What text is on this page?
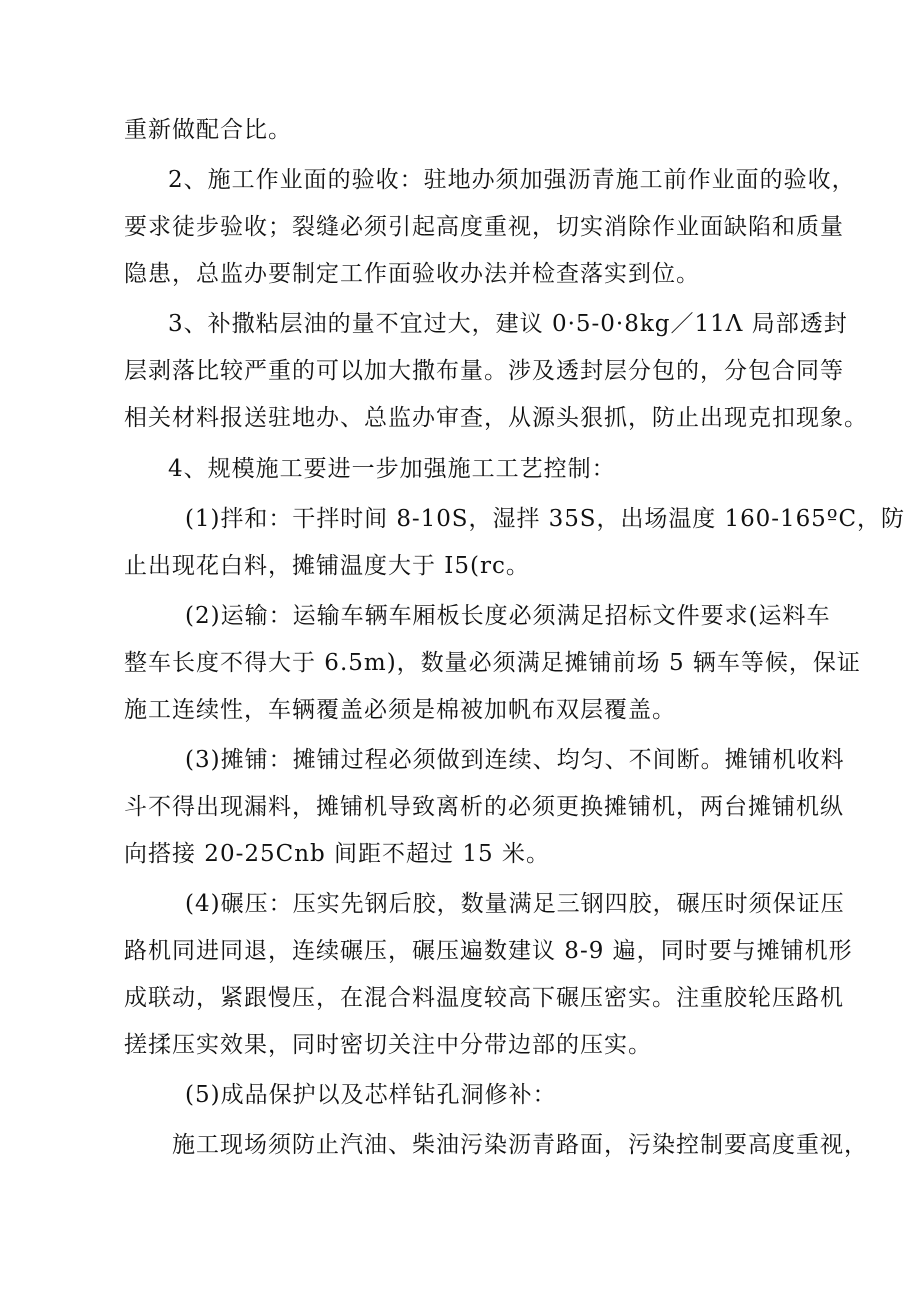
重新做配合比。
2、施工作业面的验收：驻地办须加强沥青施工前作业面的验收，
要求徒步验收；裂缝必须引起高度重视，切实消除作业面缺陷和质量
隐患，总监办要制定工作面验收办法并检查落实到位。
3、补撒粘层油的量不宜过大，建议 0·5-0·8kg／11Λ 局部透封
层剥落比较严重的可以加大撒布量。涉及透封层分包的，分包合同等
相关材料报送驻地办、总监办审查，从源头狠抓，防止出现克扣现象。
4、规模施工要进一步加强施工工艺控制：
(1)拌和：干拌时间 8-10S，湿拌 35S，出场温度 160-165ºC，防
止出现花白料，摊铺温度大于 I5(rc。
(2)运输：运输车辆车厢板长度必须满足招标文件要求(运料车
整车长度不得大于 6.5m)，数量必须满足摊铺前场 5 辆车等候，保证
施工连续性，车辆覆盖必须是棉被加帆布双层覆盖。
(3)摊铺：摊铺过程必须做到连续、均匀、不间断。摊铺机收料
斗不得出现漏料，摊铺机导致离析的必须更换摊铺机，两台摊铺机纵
向搭接 20-25Cnb 间距不超过 15 米。
(4)碾压：压实先钢后胶，数量满足三钢四胶，碾压时须保证压
路机同进同退，连续碾压，碾压遍数建议 8-9 遍，同时要与摊铺机形
成联动，紧跟慢压，在混合料温度较高下碾压密实。注重胶轮压路机
搓揉压实效果，同时密切关注中分带边部的压实。
(5)成品保护以及芯样钻孔洞修补：
施工现场须防止汽油、柴油污染沥青路面，污染控制要高度重视，
